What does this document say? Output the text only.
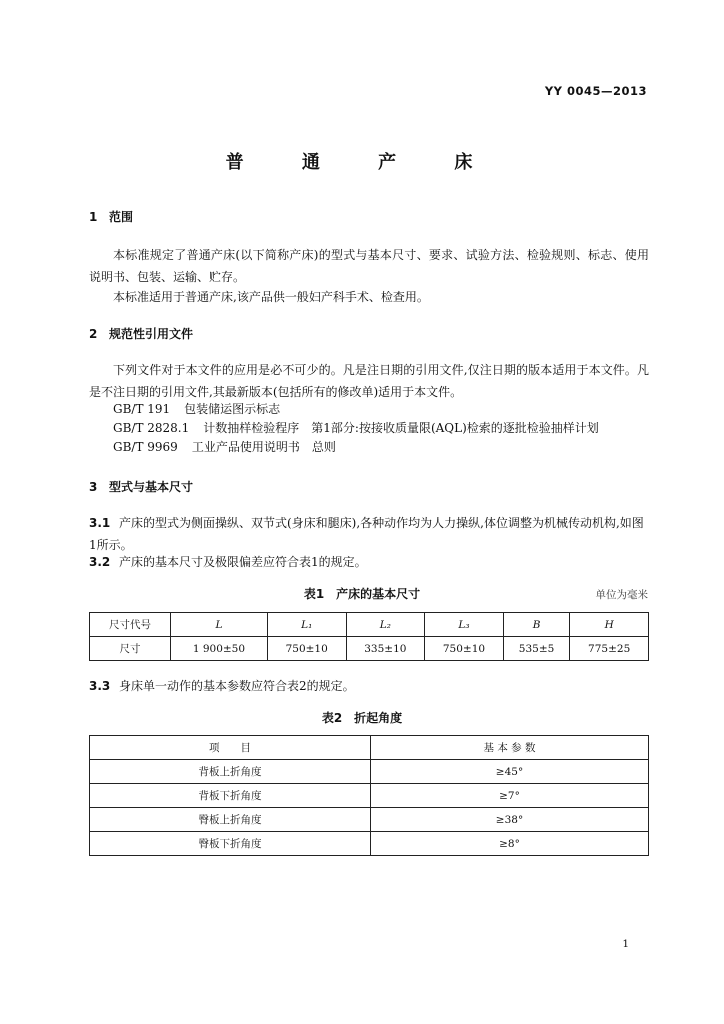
YY 0045—2013
普 通 产 床
1 范围

本标准规定了普通产床(以下简称产床)的型式与基本尺寸、要求、试验方法、检验规则、标志、使用说明书、包装、运输、贮存。

本标准适用于普通产床,该产品供一般妇产科手术、检查用。

2 规范性引用文件

下列文件对于本文件的应用是必不可少的。凡是注日期的引用文件,仅注日期的版本适用于本文件。凡是不注日期的引用文件,其最新版本(包括所有的修改单)适用于本文件。

GB/T 191 包装储运图示标志
GB/T 2828.1 计数抽样检验程序　第1部分:按接收质量限(AQL)检索的逐批检验抽样计划
GB/T 9969 工业产品使用说明书　总则
3 型式与基本尺寸

3.1 产床的型式为侧面操纵、双节式(身床和腿床),各种动作均为人力操纵,体位调整为机械传动机构,如图1所示。

3.2 产床的基本尺寸及极限偏差应符合表1的规定。

表1　产床的基本尺寸	单位为毫米
尺寸代号	L	L₁	L₂	L₃	B	H
尺寸	1 900±50	750±10	335±10	750±10	535±5	775±25

3.3 身床单一动作的基本参数应符合表2的规定。

表2　折起角度
项　　目	基 本 参 数
背板上折角度	≥45°
背板下折角度	≥7°
臀板上折角度	≥38°
臀板下折角度	≥8°
1
